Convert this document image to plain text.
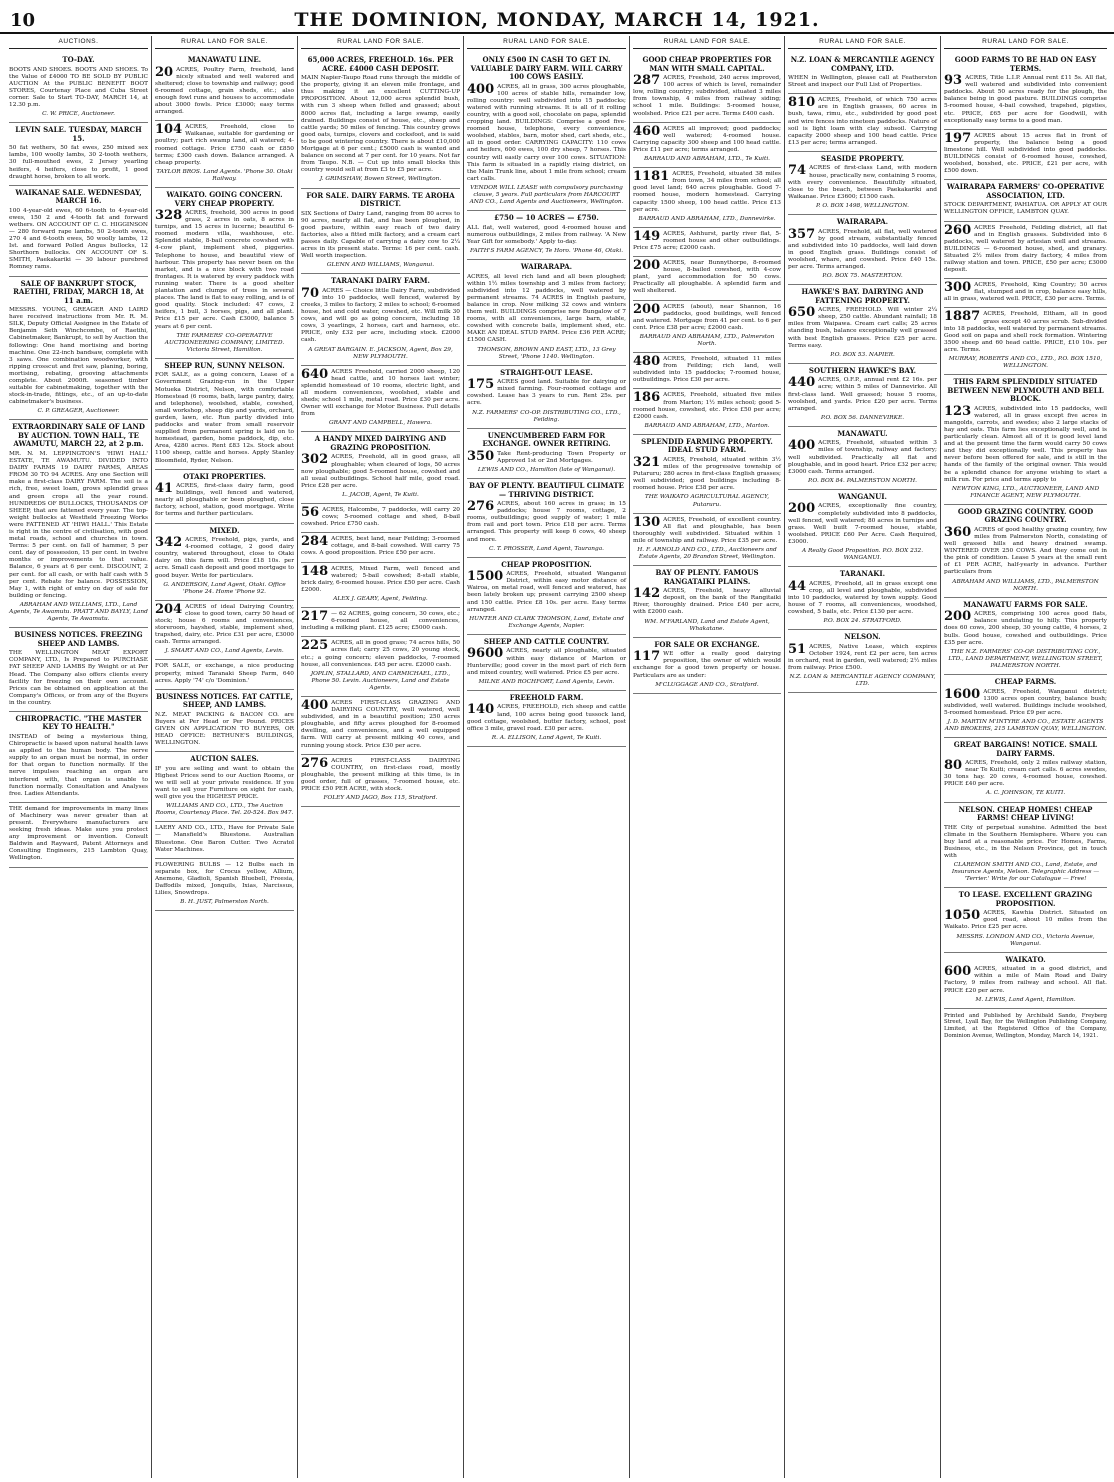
10	THE DOMINION, MONDAY, MARCH 14, 1921.
AUCTIONS.
TO-DAY.

BOOTS AND SHOES. BOOTS AND SHOES. To the Value of £4000 TO BE SOLD BY PUBLIC AUCTION At the PUBLIC BENEFIT BOOT STORES, Courtenay Place and Cuba Street corner. Sale to Start TO-DAY, MARCH 14, at 12.30 p.m.

C. W. PRICE, Auctioneer.
LEVIN SALE. TUESDAY, MARCH 15.

50 fat wethers, 50 fat ewes, 250 mixed sex lambs, 100 woolly lambs, 30 2-tooth wethers, 30 full-mouthed ewes, 2 Jersey yearling heifers, 4 heifers, close to profit, 1 good draught horse, broken to all work.

WAIKANAE SALE. WEDNESDAY, MARCH 16.

100 4-year-old ewes, 60 6-tooth to 4-year-old ewes, 150 2 and 4-tooth fat and forward wethers. ON ACCOUNT OF C. C. HIGGINSON — 280 forward rape lambs, 50 2-tooth ewes, 270 4 and 6-tooth ewes, 50 woolly lambs, 12 Ist. and forward Polled Angus bullocks, 12 Shorthorn bullocks. ON ACCOUNT OF S. SMITH, Paekakariki — 30 labour purebred Romney rams.

SALE OF BANKRUPT STOCK, RAETIHI, FRIDAY, MARCH 18, At 11 a.m.

MESSRS. YOUNG, GREAGER AND LAIRD have received instructions from Mr. R. M. SILK, Deputy Official Assignee in the Estate of Benjamin Seth Winchcombe, of Raetihi, Cabinetmaker, Bankrupt, to sell by Auction the following: One hand mortising and boring machine. One 22-inch bandsaw, complete with 3 saws. One combination woodworker, with ripping crosscut and fret saw, planing, boring, mortising, rebating, grooving attachments complete. About 2000ft. seasoned timber suitable for cabinetmaking, together with the stock-in-trade, fittings, etc., of an up-to-date cabinetmaker's business.

C. P. GREAGER, Auctioneer.
EXTRAORDINARY SALE OF LAND BY AUCTION. TOWN HALL, TE AWAMUTU, MARCH 22, at 2 p.m.

MR. N. M. LEPPINGTON'S 'HIWI HALL' ESTATE, TE AWAMUTU. DIVIDED INTO DAIRY FARMS 19 DAIRY FARMS, AREAS FROM 30 TO 94 ACRES. Any one Section will make a first-class DAIRY FARM. The soil is a rich, free, sweet loam, grows splendid grass and green crops all the year round. HUNDREDS OF BULLOCKS, THOUSANDS OF SHEEP, that are fattened every year. The top-weight bullocks at Westfield Freezing Works were FATTENED AT 'HIWI HALL.' This Estate is right in the centre of civilisation, with good metal roads, school and churches in town. Terms: 5 per cent. on fall of hammer, 5 per cent. day of possession, 15 per cent. in twelve months or improvements to that value. Balance, 6 years at 6 per cent. DISCOUNT, 2 per cent. for all cash, or with half cash with 5 per cent. Rebate for balance. POSSESSION, May 1, with right of entry on day of sale for building or fencing.

ABRAHAM AND WILLIAMS, LTD., Land Agents, Te Awamutu. PRATT AND BAYLY, Land Agents, Te Awamutu.
BUSINESS NOTICES. FREEZING SHEEP AND LAMBS.

THE WELLINGTON MEAT EXPORT COMPANY, LTD., Is Prepared to PURCHASE FAT SHEEP AND LAMBS By Weight or at Per Head. The Company also offers clients every facility for freezing on their own account. Prices can be obtained on application at the Company's Offices, or from any of the Buyers in the country.

CHIROPRACTIC. "THE MASTER KEY TO HEALTH."

INSTEAD of being a mysterious thing, Chiropractic is based upon natural health laws as applied to the human body. The nerve supply to an organ must be normal, in order for that organ to function normally. If the nerve impulses reaching an organ are interfered with, that organ is unable to function normally. Consultation and Analyses free. Ladies Attendants.

THE demand for improvements in many lines of Machinery was never greater than at present. Everywhere manufacturers are seeking fresh ideas. Make sure you protect any improvement or invention. Consult Baldwin and Rayward, Patent Attorneys and Consulting Engineers, 215 Lambton Quay, Wellington.

RURAL LAND FOR SALE.
MANAWATU LINE.

20 ACRES, Poultry Farm, freehold, land nicely situated and well watered and sheltered; close to township and railway; good 6-roomed cottage, grain sheds, etc.; also enough fowl runs and houses to accommodate about 3000 fowls. Price £3000; easy terms arranged.

104 ACRES, Freehold, close to Waikanae, suitable for gardening or poultry; part rich swamp land, all watered; 4-roomed cottage. Price £750 cash or £850 terms; £300 cash down. Balance arranged. A cheap property.

TAYLOR BROS. Land Agents. 'Phone 30. Otaki Railway.
WAIKATO. GOING CONCERN. VERY CHEAP PROPERTY.

328 ACRES, freehold, 300 acres in good grass, 2 acres in oats, 8 acres in turnips, and 15 acres in lucerne; beautiful 6-roomed modern villa, washhouse, etc. Splendid stable, 8-bail concrete cowshed with 4-cow plant, implement shed, piggeries. Telephone to house, and beautiful view of harbour. This property has never been on the market, and is a nice block with two road frontages. It is watered by every paddock with running water. There is a good shelter plantation and clumps of trees in several places. The land is flat to easy rolling, and is of good quality. Stock included: 47 cows, 2 heifers, 1 bull, 3 horses, pigs, and all plant. Price £15 per acre. Cash £3000, balance 5 years at 6 per cent.

THE FARMERS' CO-OPERATIVE AUCTIONEERING COMPANY, LIMITED. Victoria Street, Hamilton.
SHEEP RUN, SUNNY NELSON.

FOR SALE, as a going concern, Lease of a Government Grazing-run in the Upper Motueka District, Nelson, with comfortable Homestead (6 rooms, bath, large pantry, dairy, and telephone), woolshed, stable, cowshed, small workshop, sheep dip and yards, orchard, garden, lawn, etc. Run partly divided into paddocks and water from small reservoir supplied from permanent spring is laid on to homestead, garden, home paddock, dip, etc. Area, 4280 acres. Rent £83 12s. Stock about 1100 sheep, cattle and horses. Apply Stanley Bloomfield, Ryder, Nelson.

OTAKI PROPERTIES.

41 ACRES, first-class dairy farm, good buildings, well fenced and watered, nearly all ploughable or been ploughed, close factory, school, station, good mortgage. Write for terms and further particulars.

MIXED.

342 ACRES, Freehold, pigs, yards, and 4-roomed cottage, 2 good dairy country, watered throughout, close to Otaki dairy on this farm will. Price £18 10s. per acre. Small cash deposit and good mortgage to good buyer. Write for particulars.

G. ANDERSON, Land Agent, Otaki. Office 'Phone 24. Home 'Phone 92.

204 ACRES of ideal Dairying Country, close to good town, carry 50 head of stock; house 6 rooms and conveniences, storeroom, hayshed, stable, implement shed, trapshed, dairy, etc. Price £31 per acre, £3000 cash. Terms arranged.

J. SMART AND CO., Land Agents, Levin.

FOR SALE, or exchange, a nice producing property, mixed Taranaki Sheep Farm, 640 acres. Apply '74' c/o 'Dominion.'

BUSINESS NOTICES. FAT CATTLE, SHEEP, AND LAMBS.

N.Z. MEAT PACKING & BACON CO. are Buyers at Per Head or Per Pound. PRICES GIVEN ON APPLICATION TO BUYERS, OR HEAD OFFICE: BETHUNE'S BUILDINGS, WELLINGTON.

AUCTION SALES.

IF you are selling and want to obtain the Highest Prices send to our Auction Rooms, or we will sell at your private residence. If you want to sell your Furniture on sight for cash, well give you the HIGHEST PRICE.

WILLIAMS AND CO., LTD., The Auction Rooms, Courtenay Place. Tel. 20-524. Box 947.

LAERY AND CO., LTD., Have for Private Sale — Mansfield's Bluestone. Australian Bluestone. One Baron Cutter. Two Acratol Water Machines.

FLOWERING BULBS — 12 Bulbs each in separate box, for Crocus yellow, Allium, Anemone, Gladioli, Spanish Bluebell, Freesia, Daffodils mixed, Jonquils, Ixias, Narcissus, Lilies, Snowdrops.

B. H. JUST, Palmerston North.
RURAL LAND FOR SALE.
65,000 ACRES, FREEHOLD. 16s. PER ACRE. £4000 CASH DEPOSIT.

MAIN Napier-Taupo Road runs through the middle of the property, giving it an eleven mile frontage, and thus making it an excellent CUTTING-UP PROPOSITION. About 12,000 acres splendid bush, with run 3 sheep when felled and grassed; about 8000 acres flat, including a large swamp, easily drained. Buildings consist of house, etc., sheep and cattle yards; 50 miles of fencing. This country grows good oats, turnips, clovers and cocksfoot, and is said to be good wintering country. There is about £10,000 Mortgage at 6 per cent.; £5000 cash is wanted and balance on second at 7 per cent. for 10 years. Not far from Taupo. N.B. — Cut up into small blocks this country would sell at from £3 to £5 per acre.

J. GRIMSHAW, Bowen Street, Wellington.
FOR SALE. DAIRY FARMS. TE AROHA DISTRICT.

SIX Sections of Dairy Land, ranging from 80 acres to 90 acres, nearly all flat, and has been ploughed, in good pasture, within easy reach of two dairy factories, also a fitted milk factory, and a cream cart passes daily. Capable of carrying a dairy cow to 2¼ acres in its present state. Terms: 16 per cent. cash. Well worth inspection.

GLENN AND WILLIAMS, Wanganui.
TARANAKI DAIRY FARM.

70 ACRES — Choice little Dairy Farm, subdivided into 10 paddocks, well fenced, watered by creeks, 3 miles to factory, 2 miles to school; 6-roomed house, hot and cold water, cowshed, etc. Will milk 30 cows, and will go as going concern, including 18 cows, 3 yearlings, 2 horses, cart and harness, etc. PRICE, only £32 per acre, including stock. £2000 cash.

A GREAT BARGAIN. E. JACKSON, Agent, Box 29, NEW PLYMOUTH.

640 ACRES Freehold, carried 2000 sheep, 120 head cattle, and 10 horses last winter; splendid homestead of 10 rooms, electric light, and all modern conveniences, woolshed, stable and sheds; school 1 mile, metal road. Price £30 per acre. Owner will exchange for Motor Business. Full details from

GRANT AND CAMPBELL, Hawera.
A HANDY MIXED DAIRYING AND GRAZING PROPOSITION.

302 ACRES, Freehold, all in good grass, all ploughable; when cleared of logs, 50 acres now ploughable; good 5-roomed house, cowshed and all usual outbuildings. School half mile, good road. Price £28 per acre.

L. JACOB, Agent, Te Kuiti.

56 ACRES, Halcombe, 7 paddocks, will carry 20 cows; 5-roomed cottage and shed, 8-bail cowshed. Price £750 cash.

284 ACRES, best land, near Feilding; 3-roomed cottage, and 8-bail cowshed. Will carry 75 cows. A good proposition. Price £50 per acre.

148 ACRES, Mixed Farm, well fenced and watered; 5-bail cowshed; 8-stall stable, brick dairy, 6-roomed house. Price £50 per acre. Cash £2000.

ALEX J. GEARY, Agent, Feilding.

217 — 62 ACRES, going concern, 30 cows, etc.; 6-roomed house, all conveniences, including a milking plant. £125 acre; £5000 cash.

225 ACRES, all in good grass; 74 acres hills, 50 acres flat; carry 25 cows, 20 young stock, etc.; a going concern; eleven paddocks, 7-roomed house, all conveniences. £45 per acre. £2000 cash.

JOPLIN, STALLARD, AND CARMICHAEL, LTD., Phone 50. Levin. Auctioneers, Land and Estate Agents.

400 ACRES FIRST-CLASS GRAZING AND DAIRYING COUNTRY, well watered, well subdivided, and in a beautiful position; 250 acres ploughable, and fifty acres ploughed for 8-roomed dwelling, and conveniences, and a well equipped farm. Will carry at present milking 40 cows, and running young stock. Price £30 per acre.

276 ACRES FIRST-CLASS DAIRYING COUNTRY, on first-class road, mostly ploughable, the present milking at this time, is in good order, full of grasses, 7-roomed house, etc. PRICE £50 PER ACRE, with stock.

FOLEY AND JAGO, Box 115, Stratford.
RURAL LAND FOR SALE.
ONLY £500 IN CASH TO GET IN. VALUABLE DAIRY FARM. WILL CARRY 100 COWS EASILY.

400 ACRES, all in grass, 300 acres ploughable, 100 acres of stable hills, remainder low, rolling country: well subdivided into 15 paddocks; watered with running streams. It is all of it rolling country, with a good soil, chocolate on papa, splendid cropping land. BUILDINGS: Comprise a good five-roomed house, telephone, every convenience, woolshed, stables, barn, motor shed, cart sheds, etc., all in good order. CARRYING CAPACITY: 110 cows and heifers, 600 ewes, 100 dry sheep, 7 horses. This country will easily carry over 100 cows. SITUATION: This farm is situated in a rapidly rising district, on the Main Trunk line, about 1 mile from school; cream cart calls.

VENDOR WILL LEASE with compulsory purchasing clause, 5 years. Full particulars from HARCOURT AND CO., Land Agents and Auctioneers, Wellington.
£750 — 10 ACRES — £750.

ALL flat, well watered, good 4-roomed house and numerous outbuildings, 2 miles from railway. 'A New Year Gift for somebody.' Apply to-day.

FAITH'S FARM AGENCY, Te Horo. 'Phone 46, Otaki.
WAIRARAPA.

ACRES, all level rich land and all been ploughed; within 1½ miles township and 3 miles from factory; subdivided into 12 paddocks, well watered by permanent streams. 74 ACRES in English pasture, balance in crop. Now milking 32 cows and winters them well. BUILDINGS comprise new Bungalow of 7 rooms, with all conveniences, large barn, stable, cowshed with concrete bails, implement shed, etc. MAKE AN IDEAL STUD FARM. Price £36 PER ACRE; £1500 CASH.

THOMSON, BROWN AND EAST, LTD., 13 Grey Street, 'Phone 1140. Wellington.
STRAIGHT-OUT LEASE.

175 ACRES good land. Suitable for dairying or mixed farming. Four-roomed cottage and cowshed. Lease has 3 years to run. Rent 25s. per acre.

N.Z. FARMERS' CO-OP. DISTRIBUTING CO., LTD., Feilding.
UNENCUMBERED FARM FOR EXCHANGE. OWNER RETIRING.

350 Take Rent-producing Town Property or Approved 1st or 2nd Mortgages.

LEWIS AND CO., Hamilton (late of Wanganui).
BAY OF PLENTY. BEAUTIFUL CLIMATE — THRIVING DISTRICT.

276 ACRES, about 160 acres in grass; in 15 paddocks; house 7 rooms, cottage, 2 rooms, outbuildings; good supply of water; 1 mile from rail and port town. Price £18 per acre. Terms arranged. This property will keep 6 cows, 40 sheep and more.

C. T. PROSSER, Land Agent, Tauranga.
CHEAP PROPOSITION.

1500 ACRES, Freehold, situated Wanganui District, within easy motor distance of Wairoa, on metal road, well fenced and watered, has been lately broken up; present carrying 2500 sheep and 150 cattle. Price £8 10s. per acre. Easy terms arranged.

HUNTER AND CLARK THOMSON, Land, Estate and Exchange Agents, Napier.
SHEEP AND CATTLE COUNTRY.

9600 ACRES, nearly all ploughable, situated within easy distance of Marton or Hunterville; good cover in the most part of rich fern and mixed country, well watered. Price £5 per acre.

MILNE AND ROCHFORT, Land Agents, Levin.
FREEHOLD FARM.

140 ACRES, FREEHOLD, rich sheep and cattle land, 100 acres being good tussock land, good cottage, woolshed, butter factory, school, post office 3 mile, gravel road. £30 per acre.

R. A. ELLISON, Land Agent, Te Kuiti.
RURAL LAND FOR SALE.
GOOD CHEAP PROPERTIES FOR MAN WITH SMALL CAPITAL.

287 ACRES, Freehold, 240 acres improved, 100 acres of which is level, remainder low, rolling country; subdivided, situated 3 miles from township, 4 miles from railway siding; school 1 mile. Buildings: 5-roomed house, woolshed. Price £21 per acre. Terms £400 cash.

460 ACRES all improved; good paddocks; well watered; 4-roomed house. Carrying capacity 300 sheep and 100 head cattle. Price £11 per acre; terms arranged.

BARRAUD AND ABRAHAM, LTD., Te Kuiti.

1181 ACRES, Freehold, situated 38 miles from town, 34 miles from school; all good level land; 640 acres ploughable. Good 7-roomed house, modern homestead. Carrying capacity 1500 sheep, 100 head cattle. Price £13 per acre.

BARRAUD AND ABRAHAM, LTD., Dannevirke.

149 ACRES, Ashhurst, partly river flat, 5-roomed house and other outbuildings. Price £75 acre; £2000 cash.

200 ACRES, near Bunnythorpe, 8-roomed house, 8-bailed cowshed, with 4-cow plant, yard accommodation for 50 cows. Practically all ploughable. A splendid farm and well sheltered.

200 ACRES (about), near Shannon, 16 paddocks, good buildings, well fenced and watered. Mortgage from 41 per cent. to 6 per cent. Price £38 per acre; £2000 cash.

BARRAUD AND ABRAHAM, LTD., Palmerston North.

480 ACRES, Freehold, situated 11 miles from Feilding; rich land, well subdivided into 15 paddocks; 7-roomed house, outbuildings. Price £30 per acre.

186 ACRES, Freehold, situated five miles from Marton; 1½ miles school; good 5-roomed house, cowshed, etc. Price £50 per acre; £2000 cash.

BARRAUD AND ABRAHAM, LTD., Marton.
SPLENDID FARMING PROPERTY. IDEAL STUD FARM.

321 ACRES, Freehold, situated within 3½ miles of the progressive township of Putaruru; 280 acres in first-class English grasses; well subdivided; good buildings including 8-roomed house. Price £38 per acre.

THE WAIKATO AGRICULTURAL AGENCY, Putaruru.

130 ACRES, Freehold, of excellent country. All flat and ploughable, has been thoroughly well subdivided. Situated within 1 mile of township and railway. Price £35 per acre.

H. F. ARNOLD AND CO., LTD., Auctioneers and Estate Agents, 20 Brandon Street, Wellington.
BAY OF PLENTY. FAMOUS RANGATAIKI PLAINS.

142 ACRES, Freehold, heavy alluvial deposit, on the bank of the Rangitaiki River, thoroughly drained. Price £40 per acre, with £2000 cash.

WM. M'FARLAND, Land and Estate Agent, Whakatane.
FOR SALE OR EXCHANGE.

117 WE offer a really good dairying proposition, the owner of which would exchange for a good town property or house. Particulars are as under:

M'CLUGGAGE AND CO., Stratford.
RURAL LAND FOR SALE.
N.Z. LOAN & MERCANTILE AGENCY COMPANY, LTD.

WHEN in Wellington, please call at Featherston Street and inspect our Full List of Properties.

810 ACRES, Freehold, of which 750 acres are in English grasses, 60 acres in bush, tawa, rimu, etc., subdivided by good post and wire fences into nineteen paddocks. Nature of soil is light loam with clay subsoil. Carrying capacity 2000 sheep and 100 head cattle. Price £13 per acre; terms arranged.

SEASIDE PROPERTY.

74 ACRES of first-class Land, with modern house, practically new, containing 5 rooms, with every convenience. Beautifully situated, close to the beach, between Paekakariki and Waikanae. Price £3600; £1500 cash.

P. O. BOX 1498, WELLINGTON.
WAIRARAPA.

357 ACRES, Freehold, all flat, well watered by good stream, substantially fenced and subdivided into 10 paddocks, well laid down in good English grass. Buildings consist of woolshed, whare, and cowshed. Price £40 15s. per acre. Terms arranged.

P.O. BOX 75. MASTERTON.
HAWKE'S BAY. DAIRYING AND FATTENING PROPERTY.

650 ACRES, FREEHOLD. Will winter 2¼ sheep, 250 cattle. Abundant rainfall; 18 miles from Waipawa. Cream cart calls; 25 acres standing bush, balance exceptionally well grassed with best English grasses. Price £25 per acre. Terms easy.

P.O. BOX 53. NAPIER.
SOUTHERN HAWKE'S BAY.

440 ACRES, O.F.P., annual rent £2 16s. per acre; within 5 miles of Dannevirke. All first-class land. Well grassed; house 5 rooms, woolshed, and yards. Price £20 per acre. Terms arranged.

P.O. BOX 56. DANNEVIRKE.
MANAWATU.

400 ACRES, Freehold, situated within 3 miles of township, railway and factory; well subdivided. Practically all flat and ploughable, and in good heart. Price £32 per acre; £3000 cash. Terms arranged.

P.O. BOX 84. PALMERSTON NORTH.
WANGANUI.

200 ACRES, exceptionally fine country, completely subdivided into 8 paddocks, well fenced, well watered; 80 acres in turnips and grass. Well built 7-roomed house, stable, woolshed. PRICE £60 Per Acre. Cash Required, £3000.

A Really Good Proposition. P.O. BOX 232. WANGANUI.
TARANAKI.

44 ACRES, Freehold, all in grass except one crop, all level and ploughable, subdivided into 10 paddocks, watered by town supply. Good house of 7 rooms, all conveniences, woodshed, cowshed, 5 bails, etc. Price £130 per acre.

P.O. BOX 24. STRATFORD.
NELSON.

51 ACRES, Native Lease, which expires October 1924, rent £2 per acre, ten acres in orchard, rest in garden, well watered; 2½ miles from railway. Price £500.

N.Z. LOAN & MERCANTILE AGENCY COMPANY, LTD.
RURAL LAND FOR SALE.
GOOD FARMS TO BE HAD ON EASY TERMS.

93 ACRES, Title L.I.P. Annual rent £11 5s. All flat, well watered and subdivided into convenient paddocks. About 50 acres ready for the plough, the balance being in good pasture. BUILDINGS comprise 5-roomed house, 4-bail cowshed, trapshed, pigsties, etc. PRICE, £65 per acre for Goodwill, with exceptionally easy terms to a good man.

197 ACRES about 15 acres flat in front of property, the balance being a good limestone hill. Well subdivided into good paddocks. BUILDINGS consist of 6-roomed house, cowshed, woolshed, boxshed, etc. PRICE, £21 per acre, with £500 down.

WAIRARAPA FARMERS' CO-OPERATIVE ASSOCIATION, LTD.

STOCK DEPARTMENT, PAHIATUA. OR APPLY AT OUR WELLINGTON OFFICE, LAMBTON QUAY.

260 ACRES Freehold, Feilding district, all flat and in English grasses. Subdivided into 6 paddocks, well watered by artesian well and streams. BUILDINGS — 6-roomed house, shed, and granary. Situated 2½ miles from dairy factory, 4 miles from railway station and town. PRICE, £50 per acre; £3000 deposit.

300 ACRES, Freehold, King Country; 50 acres flat, stumped and in crop, balance easy hills, all in grass, watered well. PRICE, £30 per acre. Terms.

1887 ACRES, Freehold, Eltham, all in good grass except 40 acres scrub. Sub-divided into 18 paddocks, well watered by permanent streams. Good soil on papa and shell rock formation. Wintering 3500 sheep and 60 head cattle. PRICE, £10 10s. per acre. Terms.

MURRAY, ROBERTS AND CO., LTD., P.O. BOX 1510, WELLINGTON.
THIS FARM SPLENDIDLY SITUATED BETWEEN NEW PLYMOUTH AND BELL BLOCK.

123 ACRES, subdivided into 15 paddocks, well watered, all in grass except five acres in mangolds, carrots, and swedes; also 2 large stacks of hay and oats. This farm lies exceptionally well, and is particularly clean. Almost all of it is good level land and at the present time the farm would carry 50 cows and they did exceptionally well. This property has never before been offered for sale, and is still in the hands of the family of the original owner. This would be a splendid chance for anyone wishing to start a milk run. For price and terms apply to

NEWTON KING, LTD., AUCTIONEER, LAND AND FINANCE AGENT, NEW PLYMOUTH.
GOOD GRAZING COUNTRY. GOOD GRAZING COUNTRY.

360 ACRES of good healthy grazing country, few miles from Palmerston North, consisting of well grassed hills and heavy drained swamp. WINTERED OVER 250 COWS. And they come out in the pink of condition. Lease 5 years at the small rent of £1 PER ACRE, half-yearly in advance. Further particulars from

ABRAHAM AND WILLIAMS, LTD., PALMERSTON NORTH.
MANAWATU FARMS FOR SALE.

200 ACRES, comprising 100 acres good flats, balance undulating to hilly. This property does 60 cows, 200 sheep, 30 young cattle, 4 horses, 2 bulls. Good house, cowshed and outbuildings. Price £35 per acre.

THE N.Z. FARMERS' CO-OP. DISTRIBUTING COY., LTD., LAND DEPARTMENT, WELLINGTON STREET, PALMERSTON NORTH.
CHEAP FARMS.

1600 ACRES, Freehold, Wanganui district; 1300 acres open country, balance bush; subdivided, well watered. Buildings include woolshed, 5-roomed homestead. Price £9 per acre.

J. D. MARTIN M'INTYRE AND CO., ESTATE AGENTS AND BROKERS, 215 LAMBTON QUAY, WELLINGTON.
GREAT BARGAINS! NOTICE. SMALL DAIRY FARMS.

80 ACRES, Freehold, only 2 miles railway station, near Te Kuiti; cream cart calls. 6 acres swedes, 30 tons hay. 20 cows, 4-roomed house, cowshed. PRICE £40 per acre.

A. C. JOHNSON, TE KUITI.
NELSON. CHEAP HOMES! CHEAP FARMS! CHEAP LIVING!

THE City of perpetual sunshine. Admitted the best climate in the Southern Hemisphere. Where you can buy land at a reasonable price. For Homes, Farms, Business, etc., in the Nelson Province, get in touch with

CLAREMON SMITH AND CO., Land, Estate, and Insurance Agents, Nelson. Telegraphic Address — 'Terrier.' Write for our Catalogue — Free!
TO LEASE. EXCELLENT GRAZING PROPOSITION.

1050 ACRES, Kawhia District. Situated on good road, about 10 miles from the Waikato. Price £25 per acre.

MESSRS. LONDON AND CO., Victoria Avenue, Wanganui.
WAIKATO.

600 ACRES, situated in a good district, and within a mile of Main Road and Dairy Factory, 9 miles from railway and school. All flat. PRICE £20 per acre.

M. LEWIS, Land Agent, Hamilton.
Printed and Published by Archibald Sando, Freyberg Street, Lyall Bay, for the Wellington Publishing Company, Limited, at the Registered Office of the Company, Dominion Avenue, Wellington, Monday, March 14, 1921.
